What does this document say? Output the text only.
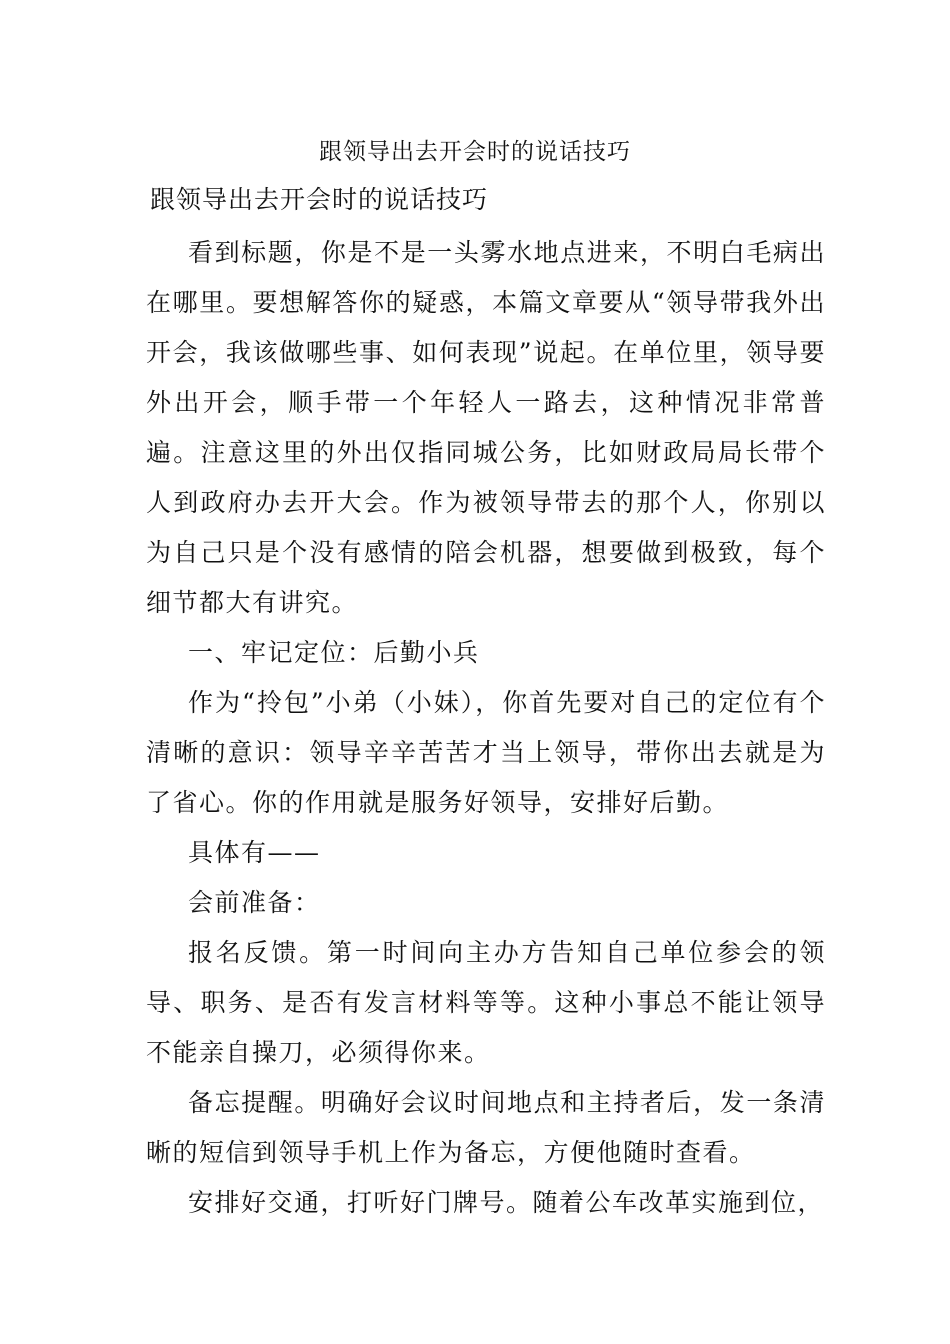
跟领导出去开会时的说话技巧
跟领导出去开会时的说话技巧

看到标题，你是不是一头雾水地点进来，不明白毛病出在哪里。要想解答你的疑惑，本篇文章要从“领导带我外出开会，我该做哪些事、如何表现”说起。在单位里，领导要外出开会，顺手带一个年轻人一路去，这种情况非常普遍。注意这里的外出仅指同城公务，比如财政局局长带个人到政府办去开大会。作为被领导带去的那个人，你别以为自己只是个没有感情的陪会机器，想要做到极致，每个细节都大有讲究。

一、牢记定位：后勤小兵

作为“拎包”小弟（小妹），你首先要对自己的定位有个清晰的意识：领导辛辛苦苦才当上领导，带你出去就是为了省心。你的作用就是服务好领导，安排好后勤。

具体有——

会前准备：

报名反馈。第一时间向主办方告知自己单位参会的领导、职务、是否有发言材料等等。这种小事总不能让领导不能亲自操刀，必须得你来。

备忘提醒。明确好会议时间地点和主持者后，发一条清晰的短信到领导手机上作为备忘，方便他随时查看。

安排好交通，打听好门牌号。随着公车改革实施到位，
